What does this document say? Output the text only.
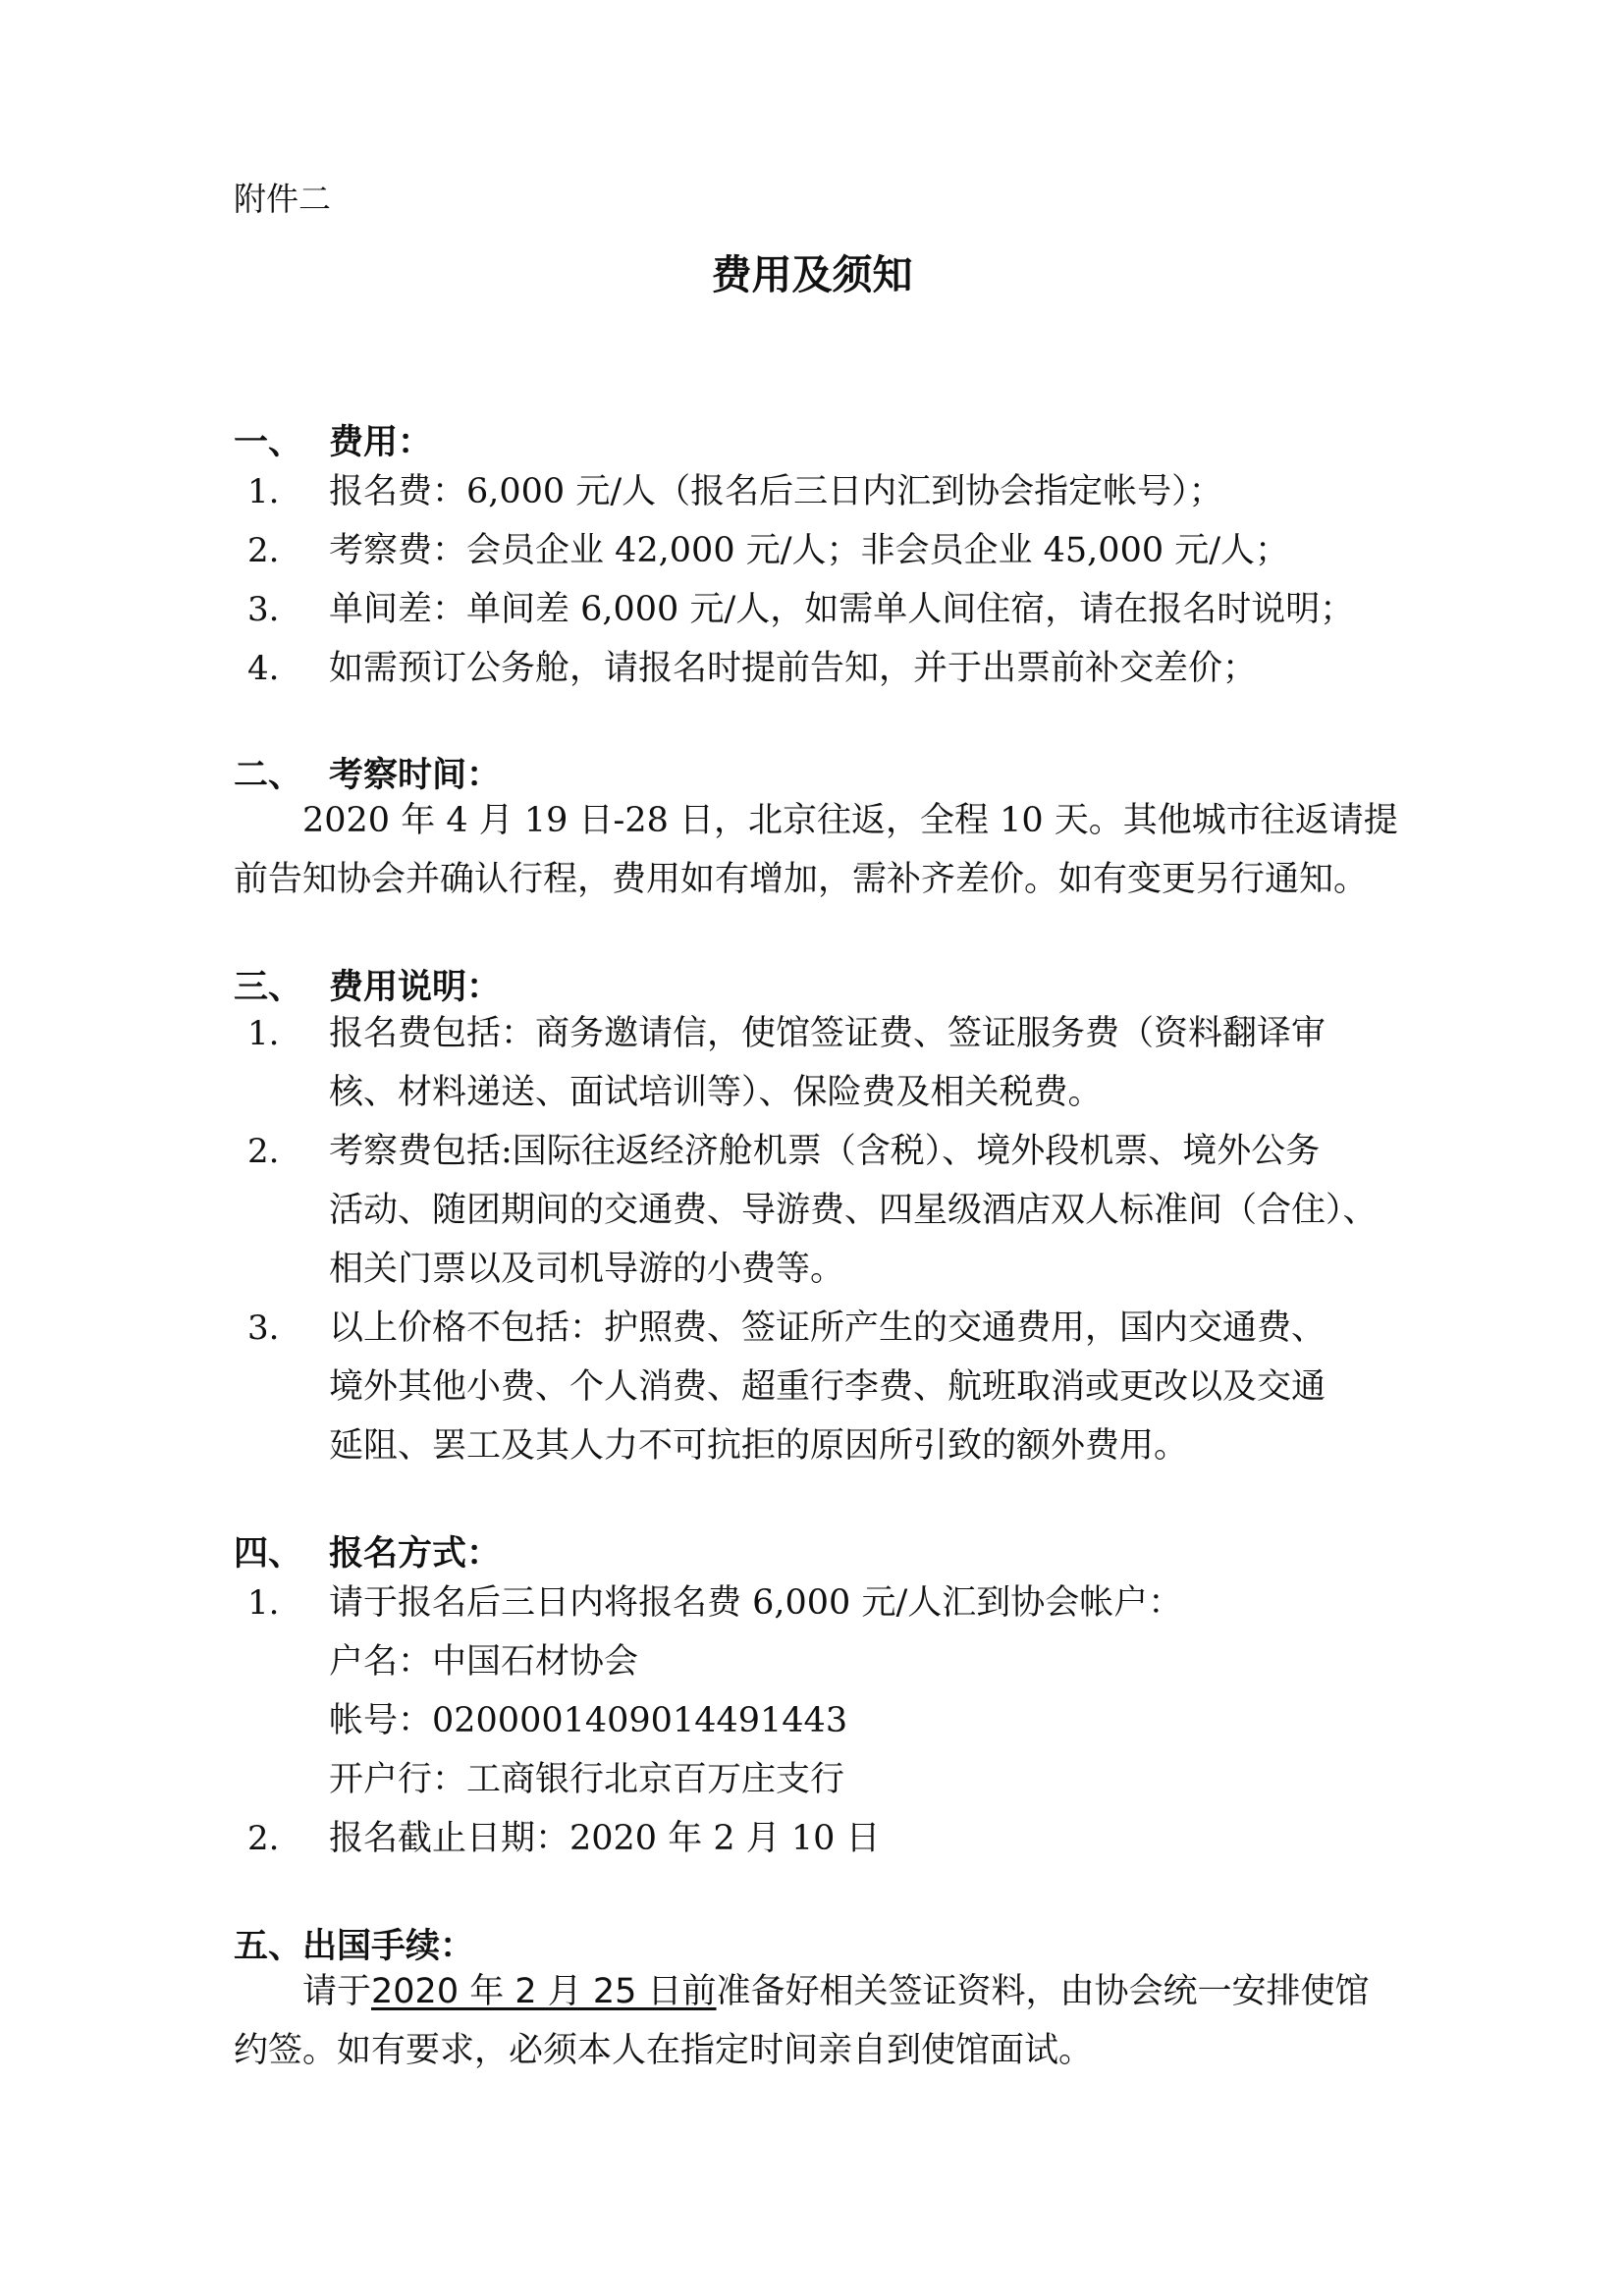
附件二
费用及须知
一、 费用：
1. 报名费：6,000 元/人（报名后三日内汇到协会指定帐号）；
2. 考察费：会员企业 42,000 元/人；非会员企业 45,000 元/人；
3. 单间差：单间差 6,000 元/人，如需单人间住宿，请在报名时说明；
4. 如需预订公务舱，请报名时提前告知，并于出票前补交差价；
二、 考察时间：
2020 年 4 月 19 日-28 日，北京往返，全程 10 天。其他城市往返请提
前告知协会并确认行程，费用如有增加，需补齐差价。如有变更另行通知。
三、 费用说明：
1. 报名费包括：商务邀请信，使馆签证费、签证服务费（资料翻译审
核、材料递送、面试培训等）、保险费及相关税费。
2. 考察费包括:国际往返经济舱机票（含税）、境外段机票、境外公务
活动、随团期间的交通费、导游费、四星级酒店双人标准间（合住）、
相关门票以及司机导游的小费等。
3. 以上价格不包括：护照费、签证所产生的交通费用，国内交通费、
境外其他小费、个人消费、超重行李费、航班取消或更改以及交通
延阻、罢工及其人力不可抗拒的原因所引致的额外费用。
四、 报名方式：
1. 请于报名后三日内将报名费 6,000 元/人汇到协会帐户：
户名：中国石材协会
帐号：0200001409014491443
开户行：工商银行北京百万庄支行
2. 报名截止日期：2020 年 2 月 10 日
五、出国手续：
请于2020 年 2 月 25 日前准备好相关签证资料，由协会统一安排使馆
约签。如有要求，必须本人在指定时间亲自到使馆面试。
